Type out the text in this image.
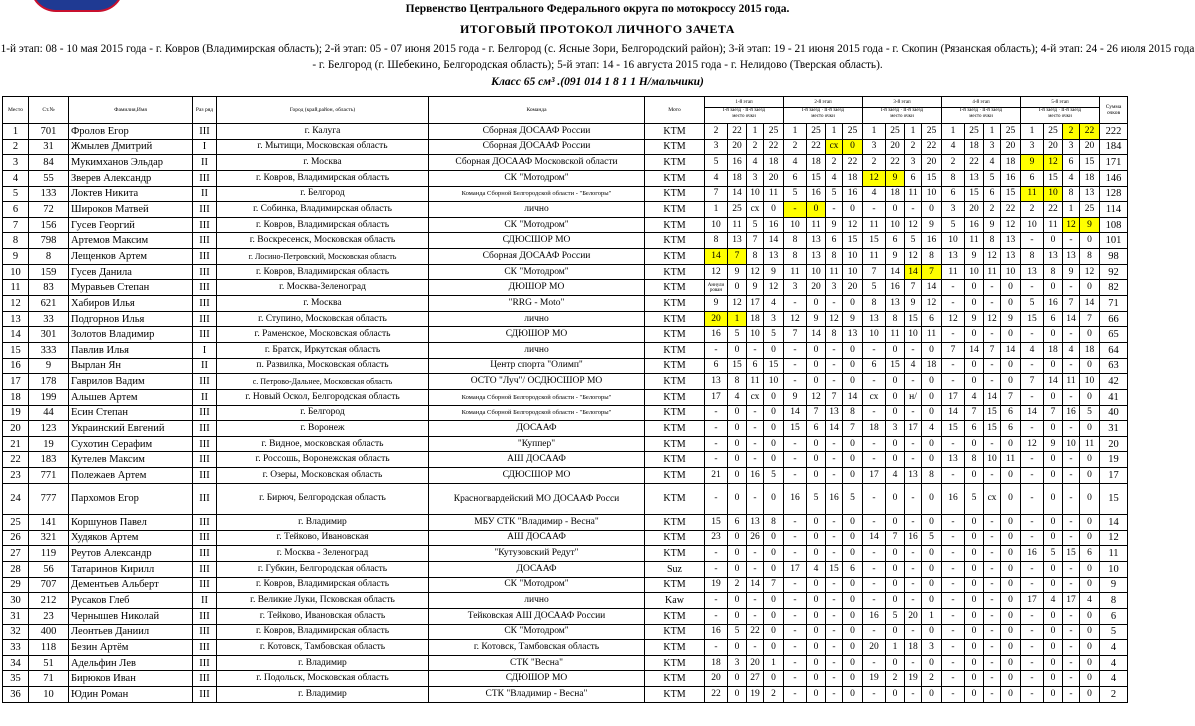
Первенство Центрального Федерального округа по мотокроссу 2015 года.
ИТОГОВЫЙ ПРОТОКОЛ ЛИЧНОГО ЗАЧЕТА
1-й этап: 08 - 10 мая 2015 года - г. Ковров (Владимирская область); 2-й этап: 05 - 07 июня 2015 года - г. Белгород (с. Ясные Зори, Белгородский район); 3-й этап: 19 - 21 июня 2015 года - г. Скопин (Рязанская область); 4-й этап: 24 - 26 июля 2015 года - г. Белгород (г. Шебекино, Белгородская область); 5-й этап: 14 - 16 августа 2015 года - г. Нелидово (Тверская область).
Класс 65 см³ .(091 014 1 8 1 1 Н/мальчики)
Место	Ст.№	Фамилия,Имя	Раз ряд	Город (край,район, область)	Команда	Мото	1-й этап
I-й заезд · II-й заезд
место очки				2-й этап
I-й заезд · II-й заезд
место очки				3-й этап
I-й заезд · II-й заезд
место очки				4-й этап
I-й заезд · II-й заезд
место очки				5-й этап
I-й заезд · II-й заезд
место очки				Сумма очков
1	701	Фролов Егор	III	г. Калуга	Сборная ДОСААФ России	KTM	2	22	1	25	1	25	1	25	1	25	1	25	1	25	1	25	1	25	2	22	222
2	31	Жмылев Дмитрий	I	г. Мытищи, Московская область	Сборная ДОСААФ России	KTM	3	20	2	22	2	22	сх	0	3	20	2	22	4	18	3	20	3	20	3	20	184
3	84	Мукимханов Эльдар	II	г. Москва	Сборная ДОСААФ Московской области	KTM	5	16	4	18	4	18	2	22	2	22	3	20	2	22	4	18	9	12	6	15	171
4	55	Зверев Александр	III	г. Ковров, Владимирская область	СК "Мотодром"	KTM	4	18	3	20	6	15	4	18	12	9	6	15	8	13	5	16	6	15	4	18	146
5	133	Локтев Никита	II	г. Белгород	Команда Сборной Белгородской области - "Белогоры"	KTM	7	14	10	11	5	16	5	16	4	18	11	10	6	15	6	15	11	10	8	13	128
6	72	Широков Матвей	III	г. Собинка, Владимирская область	лично	KTM	1	25	сх	0	-	0	-	0	-	0	-	0	3	20	2	22	2	22	1	25	114
7	156	Гусев Георгий	III	г. Ковров, Владимирская область	СК "Мотодром"	KTM	10	11	5	16	10	11	9	12	11	10	12	9	5	16	9	12	10	11	12	9	108
8	798	Артемов Максим	III	г. Воскресенск, Московская область	СДЮСШОР МО	KTM	8	13	7	14	8	13	6	15	15	6	5	16	10	11	8	13	-	0	-	0	101
9	8	Лещенков Артем	III	г. Лосино-Петровский, Московская область	Сборная ДОСААФ России	KTM	14	7	8	13	8	13	8	10	11	9	12	8	13	9	12	13	8	13	13	8	98
10	159	Гусев Данила	III	г. Ковров, Владимирская область	СК "Мотодром"	KTM	12	9	12	9	11	10	11	10	7	14	14	7	11	10	11	10	13	8	9	12	92
11	83	Муравьев Степан	III	г. Москва-Зеленоград	ДЮШОР МО	KTM	Аннули рован	0	9	12	3	20	3	20	5	16	7	14	-	0	-	0	-	0	-	0	82
12	621	Хабиров Илья	III	г. Москва	"RRG - Moto"	KTM	9	12	17	4	-	0	-	0	8	13	9	12	-	0	-	0	5	16	7	14	71
13	33	Подгорнов Илья	III	г. Ступино, Московская область	лично	KTM	20	1	18	3	12	9	12	9	13	8	15	6	12	9	12	9	15	6	14	7	66
14	301	Золотов Владимир	III	г. Раменское, Московская область	СДЮШОР МО	KTM	16	5	10	5	7	14	8	13	10	11	10	11	-	0	-	0	-	0	-	0	65
15	333	Павлив Илья	I	г. Братск, Иркутская область	лично	KTM	-	0	-	0	-	0	-	0	-	0	-	0	7	14	7	14	4	18	4	18	64
16	9	Вырлан Ян	II	п. Развилка, Московская область	Центр спорта "Олимп"	KTM	6	15	6	15	-	0	-	0	6	15	4	18	-	0	-	0	-	0	-	0	63
17	178	Гаврилов Вадим	III	с. Петрово-Дальнее, Московская область	ОСТО "Луч"/ ОСДЮСШОР МО	KTM	13	8	11	10	-	0	-	0	-	0	-	0	-	0	-	0	7	14	11	10	42
18	199	Альшев Артем	II	г. Новый Оскол, Белгородская область	Команда Сборной Белгородской области - "Белогоры"	KTM	17	4	сх	0	9	12	7	14	сх	0	н/	0	17	4	14	7	-	0	-	0	41
19	44	Есин Степан	III	г. Белгород	Команда Сборной Белгородской области - "Белогоры"	KTM	-	0	-	0	14	7	13	8	-	0	-	0	14	7	15	6	14	7	16	5	40
20	123	Украинский Евгений	III	г. Воронеж	ДОСААФ	KTM	-	0	-	0	15	6	14	7	18	3	17	4	15	6	15	6	-	0	-	0	31
21	19	Сухотин Серафим	III	г. Видное, московская область	"Куппер"	KTM	-	0	-	0	-	0	-	0	-	0	-	0	-	0	-	0	12	9	10	11	20
22	183	Кутелев Максим	III	г. Россошь, Воронежская область	АШ ДОСААФ	KTM	-	0	-	0	-	0	-	0	-	0	-	0	13	8	10	11	-	0	-	0	19
23	771	Полежаев Артем	III	г. Озеры, Московская область	СДЮСШОР МО	KTM	21	0	16	5	-	0	-	0	17	4	13	8	-	0	-	0	-	0	-	0	17
24	777	Пархомов Егор	III	г. Бирюч, Белгородская область	Красногвардейский МО ДОСААФ Росси	KTM	-	0	-	0	16	5	16	5	-	0	-	0	16	5	сх	0	-	0	-	0	15
25	141	Коршунов Павел	III	г. Владимир	МБУ СТК "Владимир - Весна"	KTM	15	6	13	8	-	0	-	0	-	0	-	0	-	0	-	0	-	0	-	0	14
26	321	Худяков Артем	III	г. Тейково, Ивановская	АШ ДОСААФ	KTM	23	0	26	0	-	0	-	0	14	7	16	5	-	0	-	0	-	0	-	0	12
27	119	Реутов Александр	III	г. Москва - Зеленоград	"Кутузовский Редут"	KTM	-	0	-	0	-	0	-	0	-	0	-	0	-	0	-	0	16	5	15	6	11
28	56	Татаринов Кирилл	III	г. Губкин, Белгородская область	ДОСААФ	Suz	-	0	-	0	17	4	15	6	-	0	-	0	-	0	-	0	-	0	-	0	10
29	707	Дементьев Альберт	III	г. Ковров, Владимирская область	СК "Мотодром"	KTM	19	2	14	7	-	0	-	0	-	0	-	0	-	0	-	0	-	0	-	0	9
30	212	Русаков Глеб	II	г. Великие Луки, Псковская область	лично	Kaw	-	0	-	0	-	0	-	0	-	0	-	0	-	0	-	0	17	4	17	4	8
31	23	Чернышев Николай	III	г. Тейково, Ивановская область	Тейковская АШ ДОСААФ России	KTM	-	0	-	0	-	0	-	0	16	5	20	1	-	0	-	0	-	0	-	0	6
32	400	Леонтьев Даниил	III	г. Ковров, Владимирская область	СК "Мотодром"	KTM	16	5	22	0	-	0	-	0	-	0	-	0	-	0	-	0	-	0	-	0	5
33	118	Безин Артём	III	г. Котовск, Тамбовская область	г. Котовск, Тамбовская область	KTM	-	0	-	0	-	0	-	0	20	1	18	3	-	0	-	0	-	0	-	0	4
34	51	Адельфин Лев	III	г. Владимир	СТК "Весна"	KTM	18	3	20	1	-	0	-	0	-	0	-	0	-	0	-	0	-	0	-	0	4
35	71	Бирюков Иван	III	г. Подольск, Московская область	СДЮШОР МО	KTM	20	0	27	0	-	0	-	0	19	2	19	2	-	0	-	0	-	0	-	0	4
36	10	Юдин Роман	III	г. Владимир	СТК "Владимир - Весна"	KTM	22	0	19	2	-	0	-	0	-	0	-	0	-	0	-	0	-	0	-	0	2
